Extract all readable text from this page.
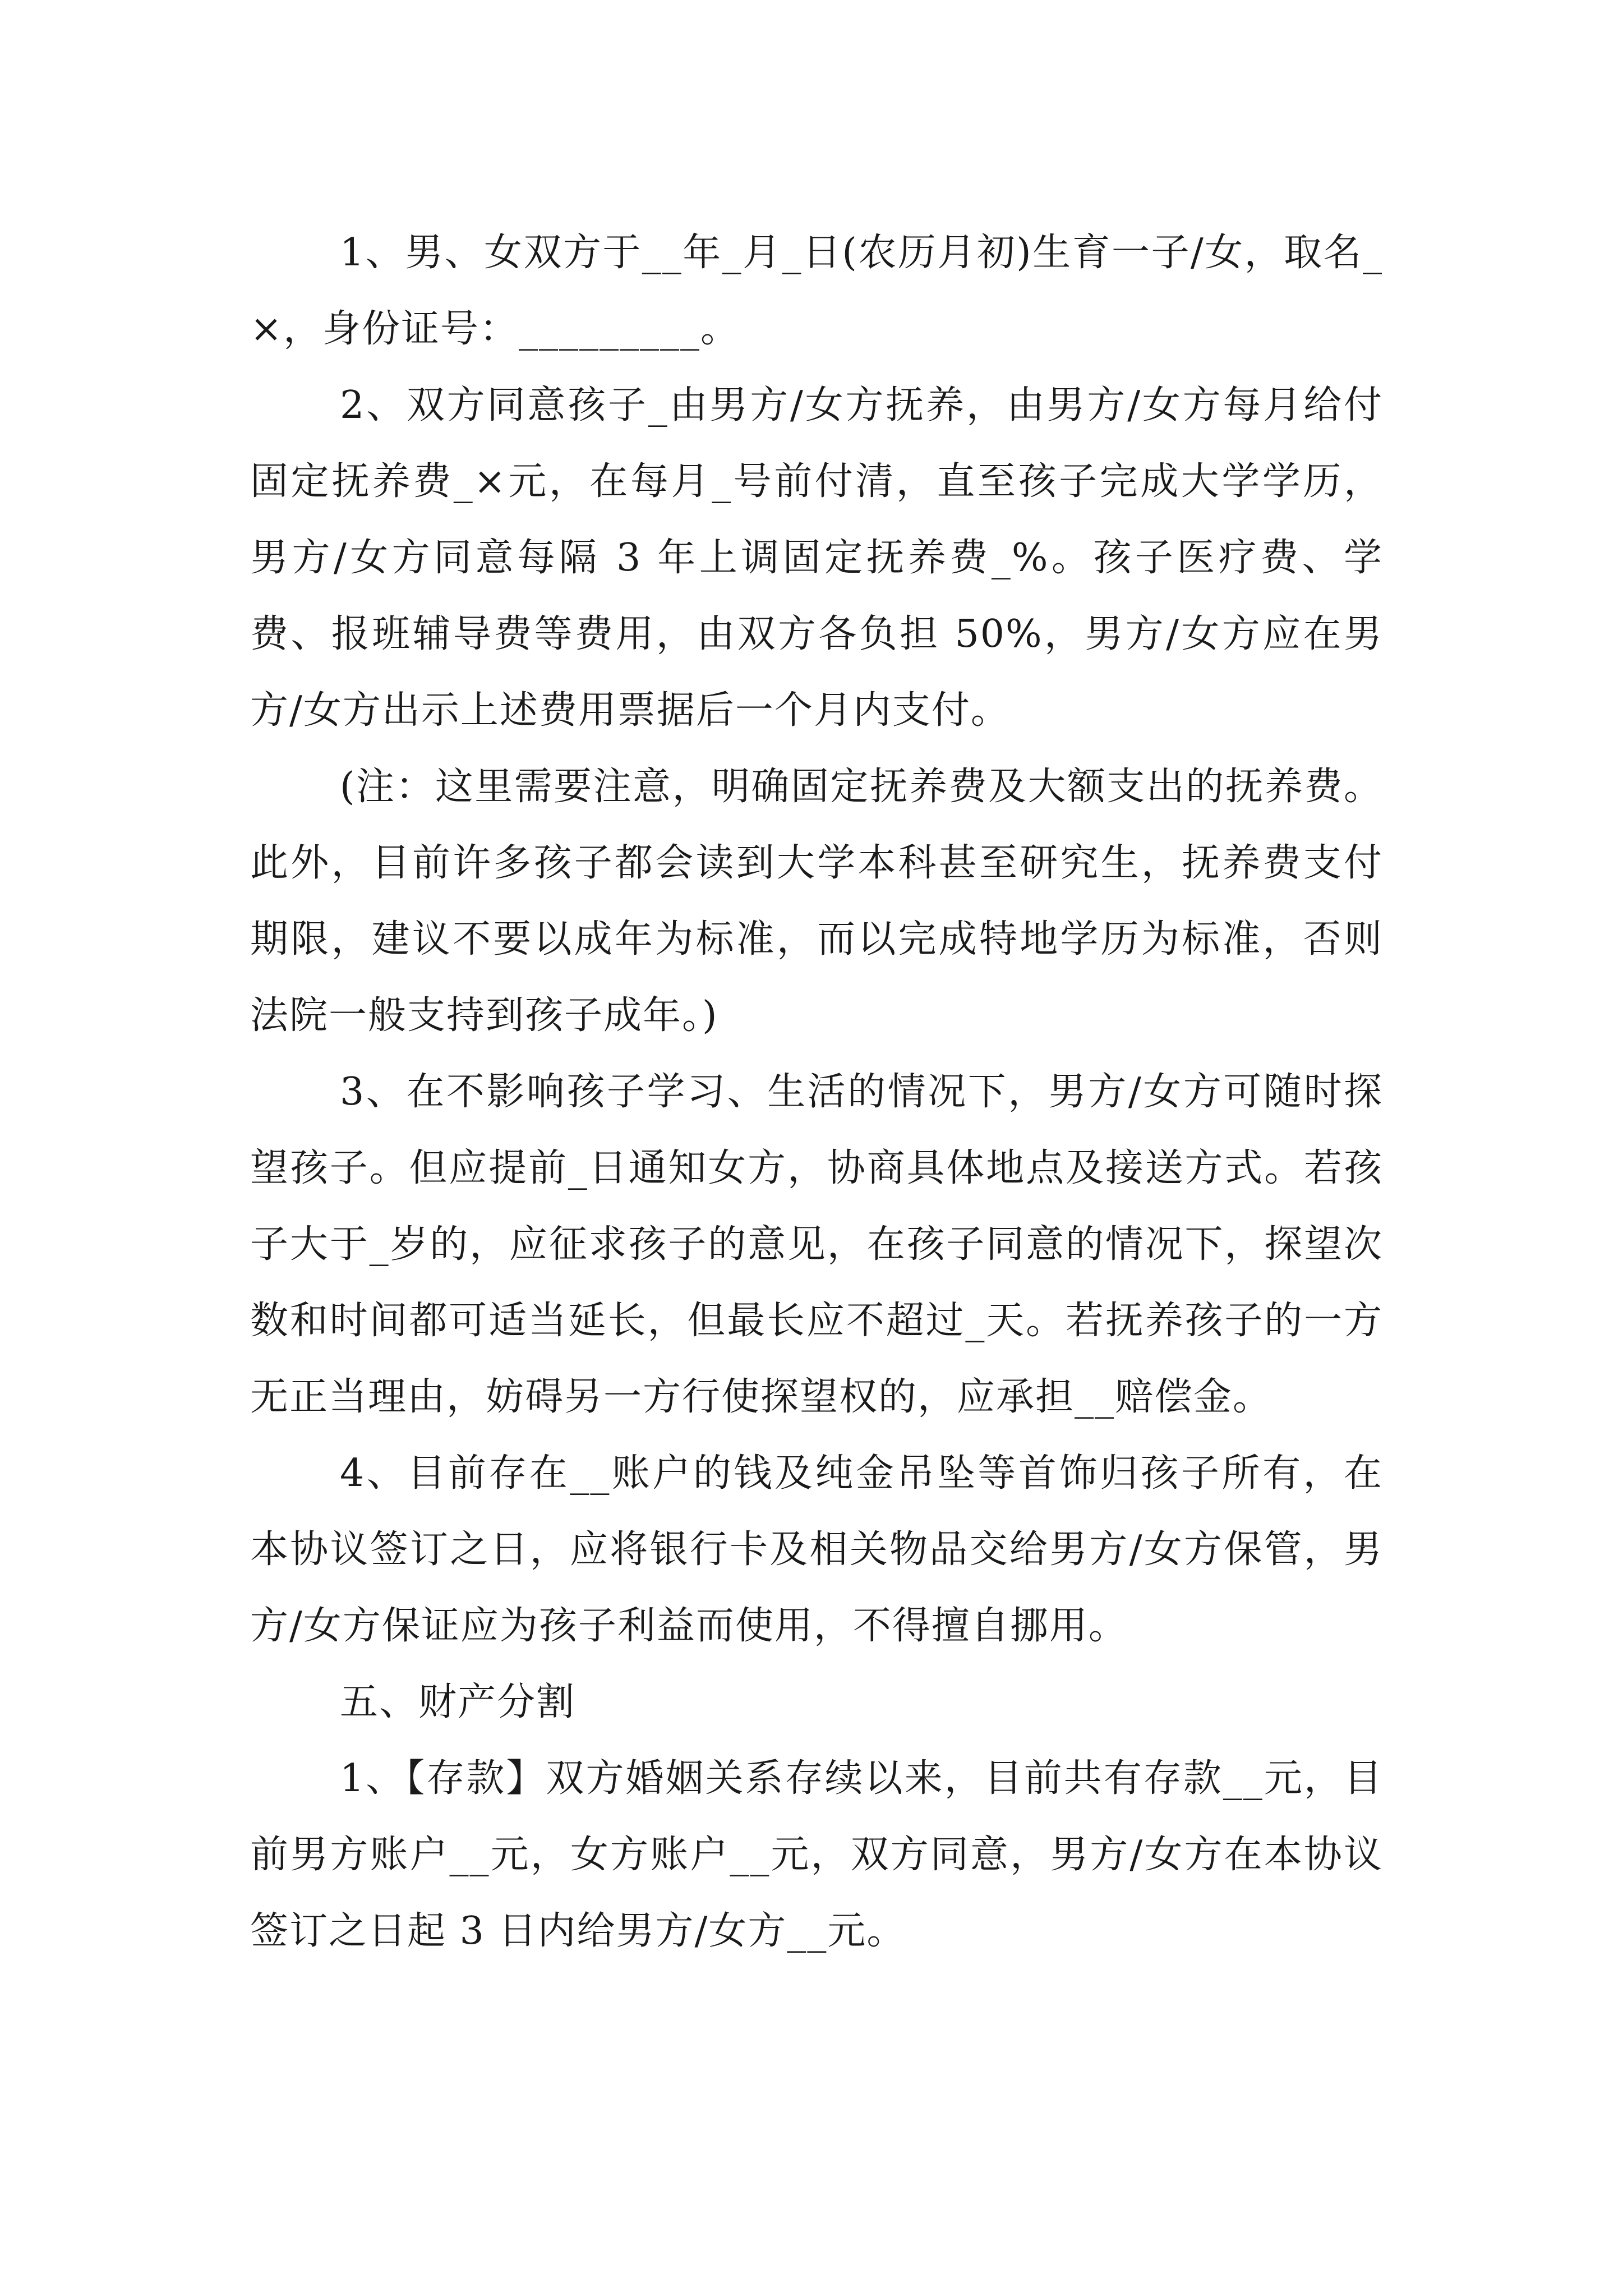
1、男、女双方于__年_月_日(农历月初)生育一子/女，取名_×，身份证号：_________。

2、双方同意孩子_由男方/女方抚养，由男方/女方每月给付固定抚养费_×元，在每月_号前付清，直至孩子完成大学学历，男方/女方同意每隔 3 年上调固定抚养费_%。孩子医疗费、学费、报班辅导费等费用，由双方各负担 50%，男方/女方应在男方/女方出示上述费用票据后一个月内支付。

(注：这里需要注意，明确固定抚养费及大额支出的抚养费。此外，目前许多孩子都会读到大学本科甚至研究生，抚养费支付期限，建议不要以成年为标准，而以完成特地学历为标准，否则法院一般支持到孩子成年。)

3、在不影响孩子学习、生活的情况下，男方/女方可随时探望孩子。但应提前_日通知女方，协商具体地点及接送方式。若孩子大于_岁的，应征求孩子的意见，在孩子同意的情况下，探望次数和时间都可适当延长，但最长应不超过_天。若抚养孩子的一方无正当理由，妨碍另一方行使探望权的，应承担__赔偿金。

4、目前存在__账户的钱及纯金吊坠等首饰归孩子所有，在本协议签订之日，应将银行卡及相关物品交给男方/女方保管，男方/女方保证应为孩子利益而使用，不得擅自挪用。

五、财产分割

1、【存款】双方婚姻关系存续以来，目前共有存款__元，目前男方账户__元，女方账户__元，双方同意，男方/女方在本协议签订之日起 3 日内给男方/女方__元。
